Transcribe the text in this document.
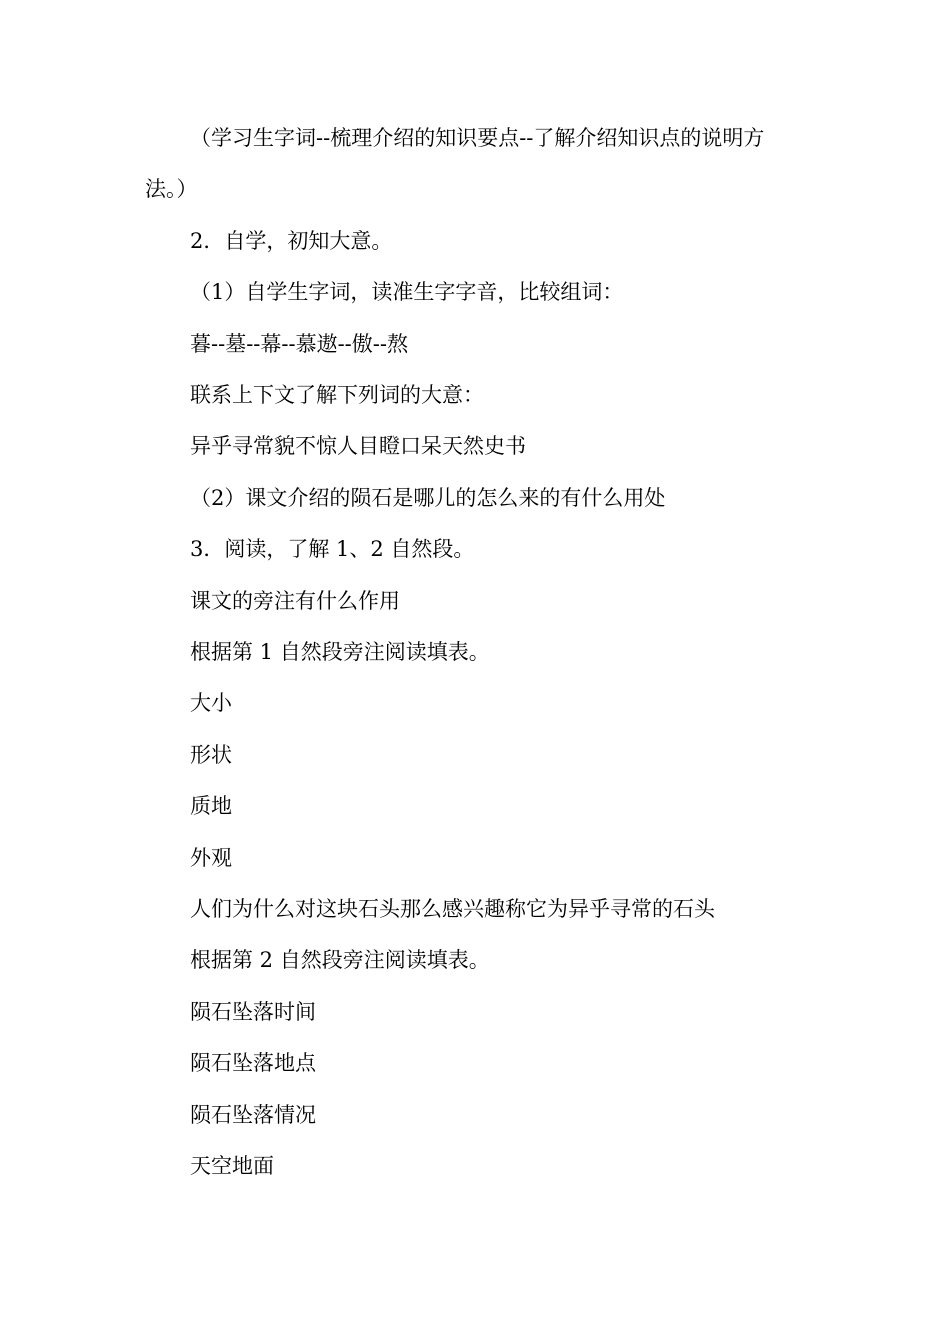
（学习生字词--梳理介绍的知识要点--了解介绍知识点的说明方
法。）
2．自学，初知大意。
（1）自学生字词，读准生字字音，比较组词：
暮--墓--幕--慕遨--傲--熬
联系上下文了解下列词的大意：
异乎寻常貌不惊人目瞪口呆天然史书
（2）课文介绍的陨石是哪儿的怎么来的有什么用处
3．阅读，了解 1、2 自然段。
课文的旁注有什么作用
根据第 1 自然段旁注阅读填表。
大小
形状
质地
外观
人们为什么对这块石头那么感兴趣称它为异乎寻常的石头
根据第 2 自然段旁注阅读填表。
陨石坠落时间
陨石坠落地点
陨石坠落情况
天空地面
